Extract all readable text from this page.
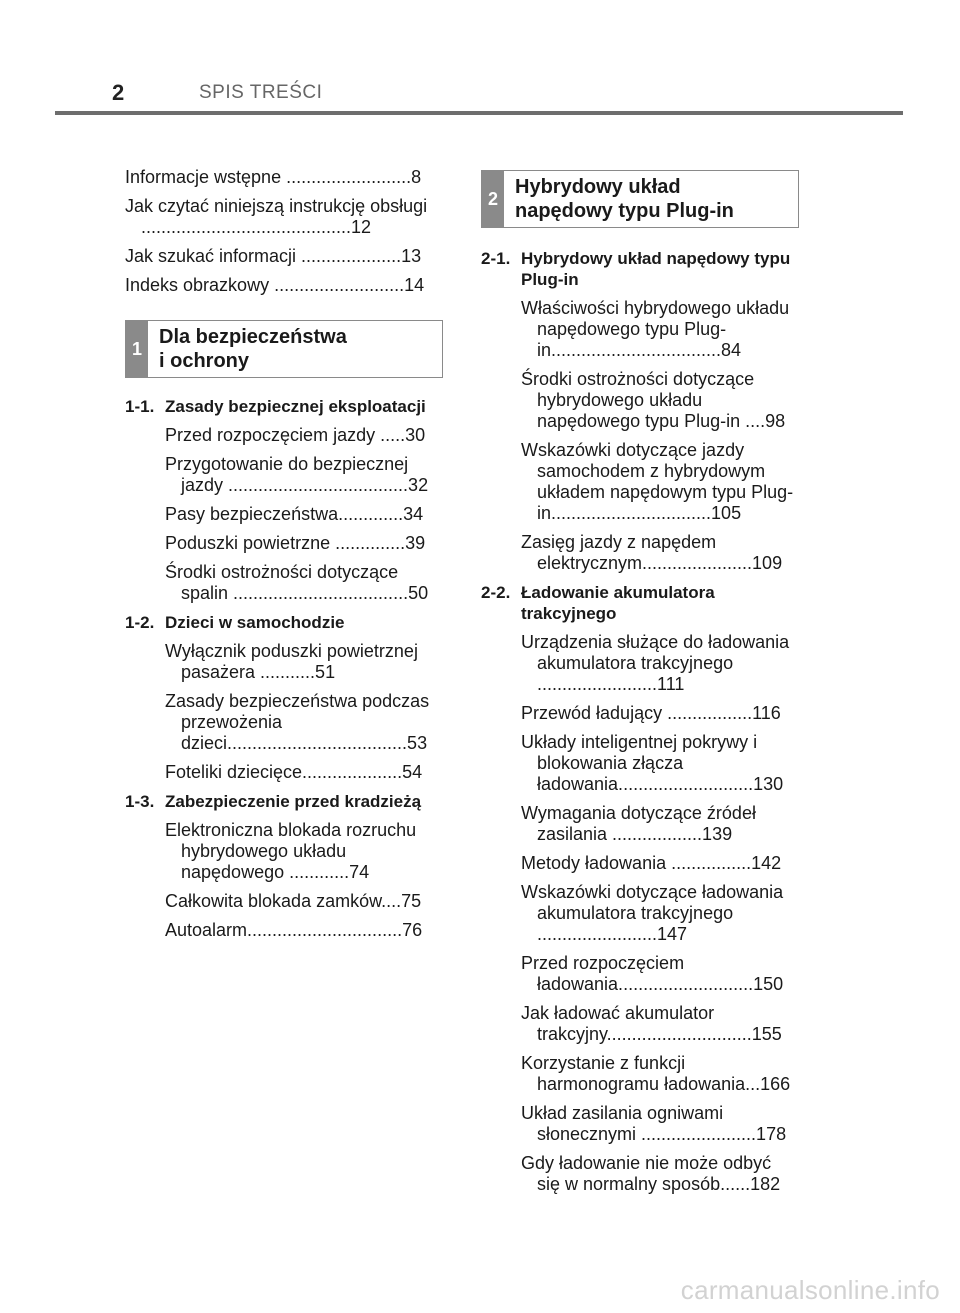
2	SPIS TREŚCI
Informacje wstępne .........................8
Jak czytać niniejszą instrukcję obsługi ..........................................12
Jak szukać informacji ....................13
Indeks obrazkowy ..........................14
1
Dla bezpieczeństwa
i ochrony
1-1. Zasady bezpiecznej eksploatacji
Przed rozpoczęciem jazdy .....30
Przygotowanie do bezpiecznej jazdy ....................................32
Pasy bezpieczeństwa.............34
Poduszki powietrzne ..............39
Środki ostrożności dotyczące spalin ...................................50
1-2. Dzieci w samochodzie
Wyłącznik poduszki powietrznej pasażera ...........51
Zasady bezpieczeństwa podczas przewożenia dzieci....................................53
Foteliki dziecięce....................54
1-3. Zabezpieczenie przed kradzieżą
Elektroniczna blokada rozruchu hybrydowego układu napędowego ............74
Całkowita blokada zamków....75
Autoalarm...............................76
2
Hybrydowy układ
napędowy typu Plug-in
2-1. Hybrydowy układ napędowy typu Plug-in
Właściwości hybrydowego układu napędowego typu Plug-in..................................84
Środki ostrożności dotyczące hybrydowego układu napędowego typu Plug-in ....98
Wskazówki dotyczące jazdy samochodem z hybrydowym układem napędowym typu Plug-in................................105
Zasięg jazdy z napędem elektrycznym......................109
2-2. Ładowanie akumulatora trakcyjnego
Urządzenia służące do ładowania akumulatora trakcyjnego ........................111
Przewód ładujący .................116
Układy inteligentnej pokrywy i blokowania złącza ładowania...........................130
Wymagania dotyczące źródeł zasilania ..................139
Metody ładowania ................142
Wskazówki dotyczące ładowania akumulatora trakcyjnego ........................147
Przed rozpoczęciem ładowania...........................150
Jak ładować akumulator trakcyjny.............................155
Korzystanie z funkcji harmonogramu ładowania...166
Układ zasilania ogniwami słonecznymi .......................178
Gdy ładowanie nie może odbyć się w normalny sposób......182
carmanualsonline.info
